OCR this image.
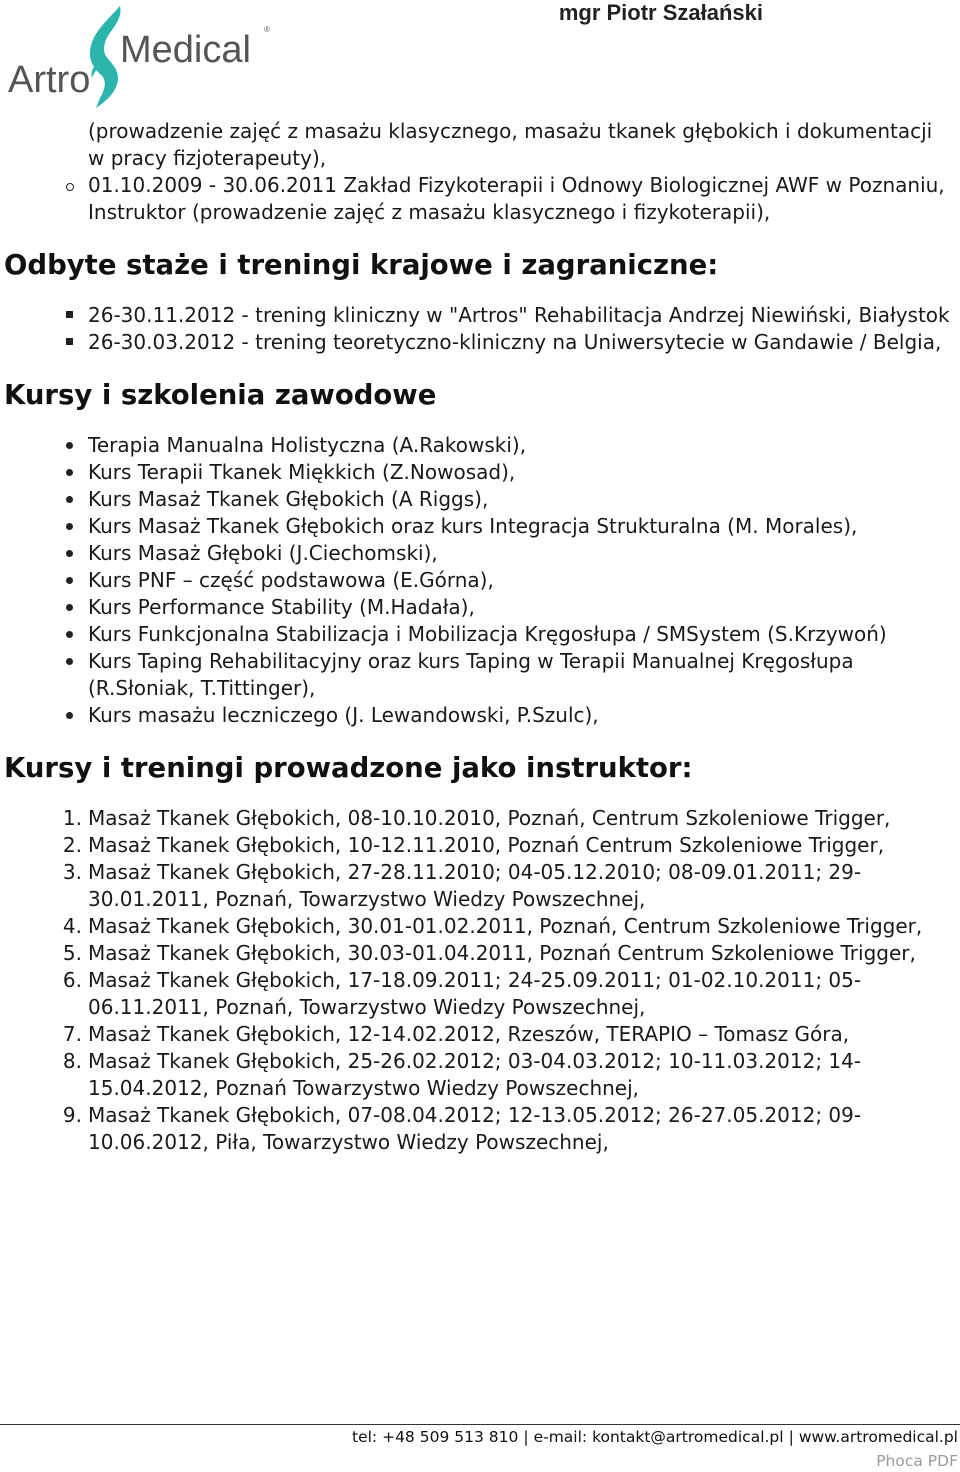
Medical ®
Artro
mgr Piotr Szałański
(prowadzenie zajęć z masażu klasycznego, masażu tkanek głębokich i dokumentacji w pracy fizjoterapeuty),
01.10.2009 - 30.06.2011 Zakład Fizykoterapii i Odnowy Biologicznej AWF w Poznaniu, Instruktor (prowadzenie zajęć z masażu klasycznego i fizykoterapii),
Odbyte staże i treningi krajowe i zagraniczne:
26-30.11.2012 - trening kliniczny w "Artros" Rehabilitacja Andrzej Niewiński, Białystok
26-30.03.2012 - trening teoretyczno-kliniczny na Uniwersytecie w Gandawie / Belgia,
Kursy i szkolenia zawodowe
Terapia Manualna Holistyczna (A.Rakowski),
Kurs Terapii Tkanek Miękkich (Z.Nowosad),
Kurs Masaż Tkanek Głębokich (A Riggs),
Kurs Masaż Tkanek Głębokich oraz kurs Integracja Strukturalna (M. Morales),
Kurs Masaż Głęboki (J.Ciechomski),
Kurs PNF – część podstawowa (E.Górna),
Kurs Performance Stability (M.Hadała),
Kurs Funkcjonalna Stabilizacja i Mobilizacja Kręgosłupa / SMSystem (S.Krzywoń)
Kurs Taping Rehabilitacyjny oraz kurs Taping w Terapii Manualnej Kręgosłupa (R.Słoniak, T.Tittinger),
Kurs masażu leczniczego (J. Lewandowski, P.Szulc),
Kursy i treningi prowadzone jako instruktor:
1. Masaż Tkanek Głębokich, 08-10.10.2010, Poznań, Centrum Szkoleniowe Trigger,
2. Masaż Tkanek Głębokich, 10-12.11.2010, Poznań Centrum Szkoleniowe Trigger,
3. Masaż Tkanek Głębokich, 27-28.11.2010; 04-05.12.2010; 08-09.01.2011; 29-30.01.2011, Poznań, Towarzystwo Wiedzy Powszechnej,
4. Masaż Tkanek Głębokich, 30.01-01.02.2011, Poznań, Centrum Szkoleniowe Trigger,
5. Masaż Tkanek Głębokich, 30.03-01.04.2011, Poznań Centrum Szkoleniowe Trigger,
6. Masaż Tkanek Głębokich, 17-18.09.2011; 24-25.09.2011; 01-02.10.2011; 05-06.11.2011, Poznań, Towarzystwo Wiedzy Powszechnej,
7. Masaż Tkanek Głębokich, 12-14.02.2012, Rzeszów, TERAPIO – Tomasz Góra,
8. Masaż Tkanek Głębokich, 25-26.02.2012; 03-04.03.2012; 10-11.03.2012; 14-15.04.2012, Poznań Towarzystwo Wiedzy Powszechnej,
9. Masaż Tkanek Głębokich, 07-08.04.2012; 12-13.05.2012; 26-27.05.2012; 09-10.06.2012, Piła, Towarzystwo Wiedzy Powszechnej,
tel: +48 509 513 810 | e-mail: kontakt@artromedical.pl | www.artromedical.pl
Phoca PDF
